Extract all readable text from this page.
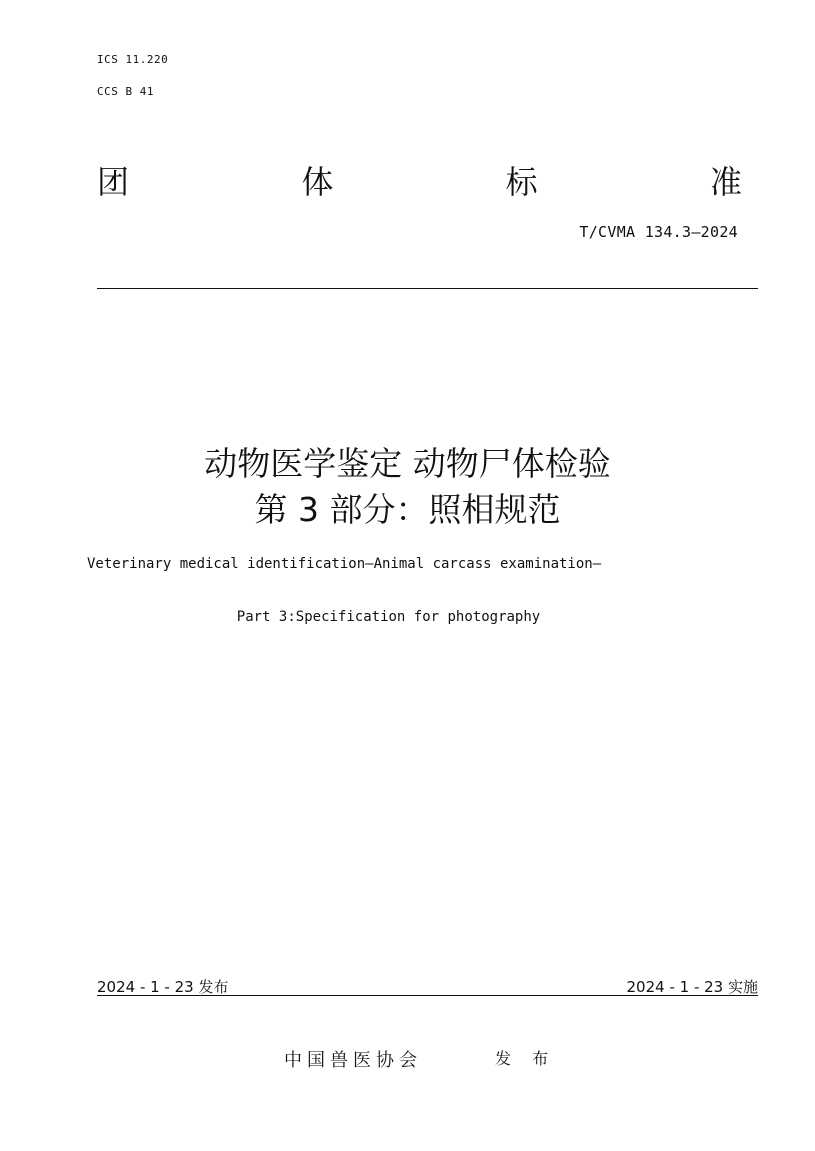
ICS 11.220
CCS B 41
团	体	标	准
T/CVMA 134.3—2024
动物医学鉴定 动物尸体检验
第 3 部分：照相规范
Veterinary medical identification—Animal carcass examination—
Part 3:Specification for photography
2024 - 1 - 23 发布	2024 - 1 - 23 实施
中国兽医协会	发 布
